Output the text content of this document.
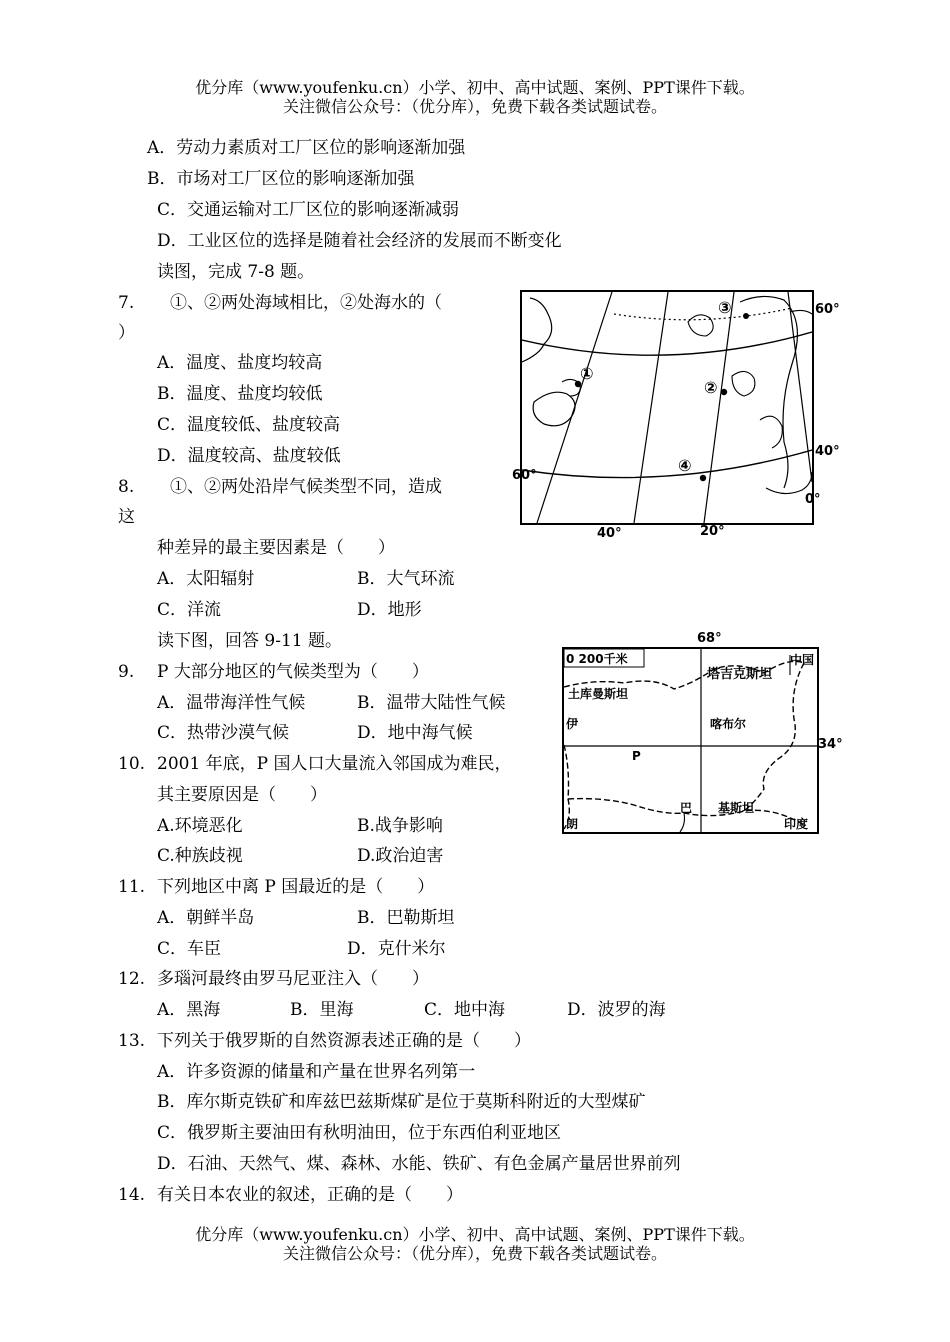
优分库（www.youfenku.cn）小学、初中、高中试题、案例、PPT课件下载。
关注微信公众号：（优分库），免费下载各类试题试卷。
A．劳动力素质对工厂区位的影响逐渐加强
B．市场对工厂区位的影响逐渐加强
C．交通运输对工厂区位的影响逐渐减弱
D．工业区位的选择是随着社会经济的发展而不断变化
读图，完成 7-8 题。
7. ①、②两处海域相比，②处海水的（
）
A．温度、盐度均较高
B．温度、盐度均较低
C．温度较低、盐度较高
D．温度较高、盐度较低
8. ①、②两处沿岸气候类型不同，造成
这
种差异的最主要因素是（　　）
A．太阳辐射	B．大气环流
C．洋流	D．地形
读下图，回答 9-11 题。
9. P 大部分地区的气候类型为（　　）
A．温带海洋性气候	B．温带大陆性气候
C．热带沙漠气候	D．地中海气候
10. 2001 年底，P 国人口大量流入邻国成为难民，
其主要原因是（　　）
A.环境恶化	B.战争影响
C.种族歧视	D.政治迫害
11. 下列地区中离 P 国最近的是（　　）
A．朝鲜半岛	B．巴勒斯坦
C．车臣	D．克什米尔
12. 多瑙河最终由罗马尼亚注入（　　）
A．黑海	B．里海	C．地中海	D．波罗的海
13. 下列关于俄罗斯的自然资源表述正确的是（　　）
A．许多资源的储量和产量在世界名列第一
B．库尔斯克铁矿和库兹巴兹斯煤矿是位于莫斯科附近的大型煤矿
C．俄罗斯主要油田有秋明油田，位于东西伯利亚地区
D．石油、天然气、煤、森林、水能、铁矿、有色金属产量居世界前列
14. 有关日本农业的叙述，正确的是（　　）
优分库（www.youfenku.cn）小学、初中、高中试题、案例、PPT课件下载。
关注微信公众号：（优分库），免费下载各类试题试卷。
①
②
③
④
60°
40°
60°
0°
40°	20°
68°
0 200千米	中国
塔吉克斯坦
土库曼斯坦
伊	喀布尔
P
巴 基斯坦
朗	印度
34°
